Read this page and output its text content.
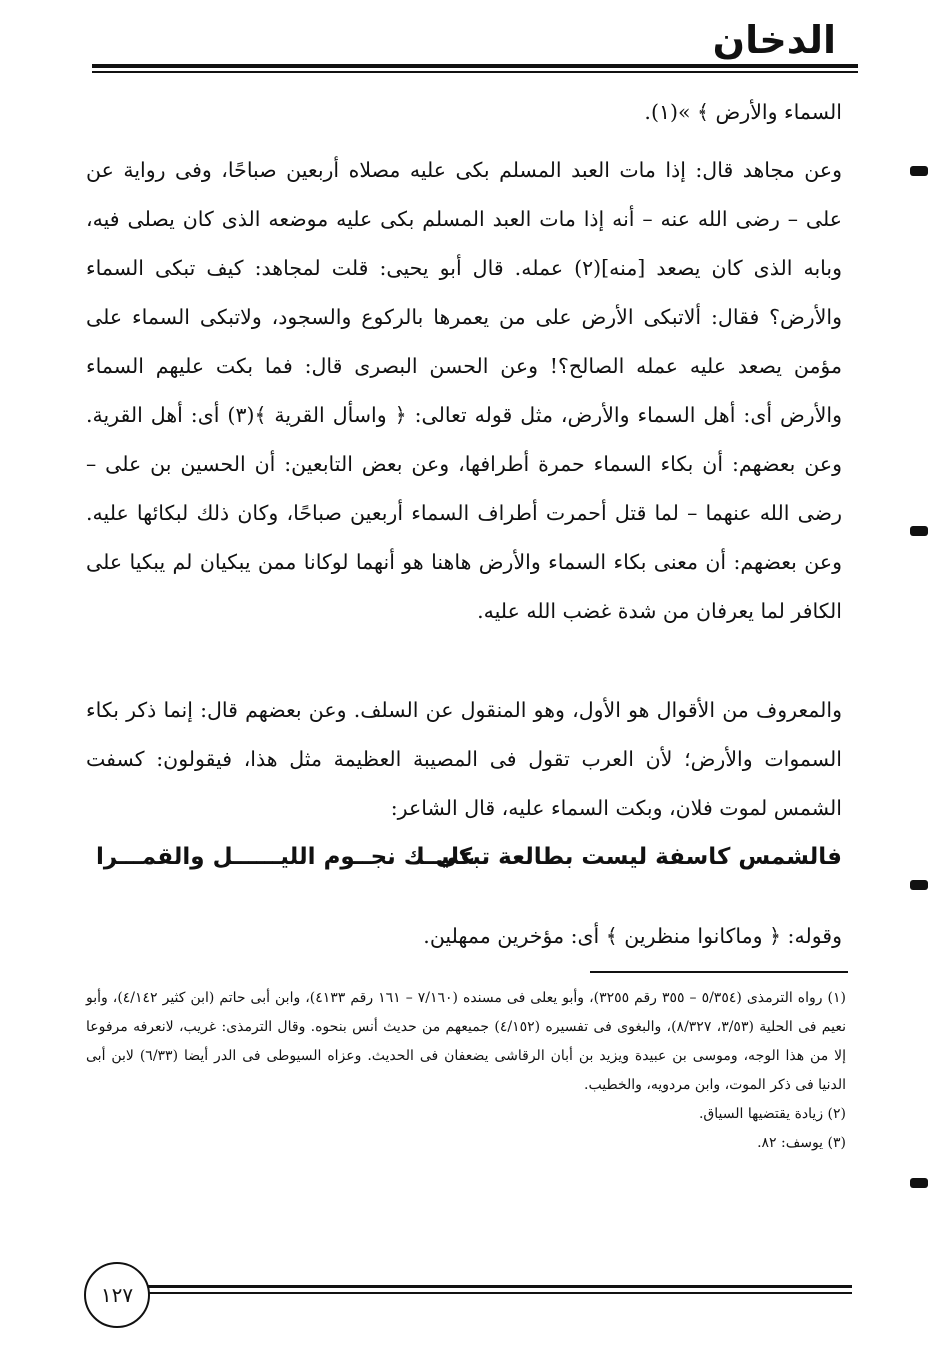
الدخان
السماء والأرض ﴾ »(١).
وعن مجاهد قال: إذا مات العبد المسلم بكى عليه مصلاه أربعين صباحًا، وفى رواية عن على – رضى الله عنه – أنه إذا مات العبد المسلم بكى عليه موضعه الذى كان يصلى فيه، وبابه الذى كان يصعد [منه](٢) عمله. قال أبو يحيى: قلت لمجاهد: كيف تبكى السماء والأرض؟ فقال: ألاتبكى الأرض على من يعمرها بالركوع والسجود، ولاتبكى السماء على مؤمن يصعد عليه عمله الصالح؟! وعن الحسن البصرى قال: فما بكت عليهم السماء والأرض أى: أهل السماء والأرض، مثل قوله تعالى: ﴿ واسأل القرية ﴾(٣) أى: أهل القرية. وعن بعضهم: أن بكاء السماء حمرة أطرافها، وعن بعض التابعين: أن الحسين بن على – رضى الله عنهما – لما قتل أحمرت أطراف السماء أربعين صباحًا، وكان ذلك لبكائها عليه. وعن بعضهم: أن معنى بكاء السماء والأرض هاهنا هو أنهما لوكانا ممن يبكيان لم يبكيا على الكافر لما يعرفان من شدة غضب الله عليه.
والمعروف من الأقوال هو الأول، وهو المنقول عن السلف. وعن بعضهم قال: إنما ذكر بكاء السموات والأرض؛ لأن العرب تقول فى المصيبة العظيمة مثل هذا، فيقولون: كسفت الشمس لموت فلان، وبكت السماء عليه، قال الشاعر:
فالشمس كاسفة ليست بطالعة تبكى
عليــك نجــوم الليــــــل والقمـــرا
وقوله: ﴿ وماكانوا منظرين ﴾ أى: مؤخرين ممهلين.

(١) رواه الترمذى (٥/٣٥٤ – ٣٥٥ رقم ٣٢٥٥)، وأبو يعلى فى مسنده (٧/١٦٠ – ١٦١ رقم ٤١٣٣)، وابن أبى حاتم (ابن كثير ٤/١٤٢)، وأبو نعيم فى الحلية (٣/٥٣، ٨/٣٢٧)، والبغوى فى تفسيره (٤/١٥٢) جميعهم من حديث أنس بنحوه. وقال الترمذى: غريب، لانعرفه مرفوعا إلا من هذا الوجه، وموسى بن عبيدة ويزيد بن أبان الرقاشى يضعفان فى الحديث. وعزاه السيوطى فى الدر أيضا (٦/٣٣) لابن أبى الدنيا فى ذكر الموت، وابن مردويه، والخطيب.

(٢) زيادة يقتضيها السياق.

(٣) يوسف: ٨٢.

١٢٧
